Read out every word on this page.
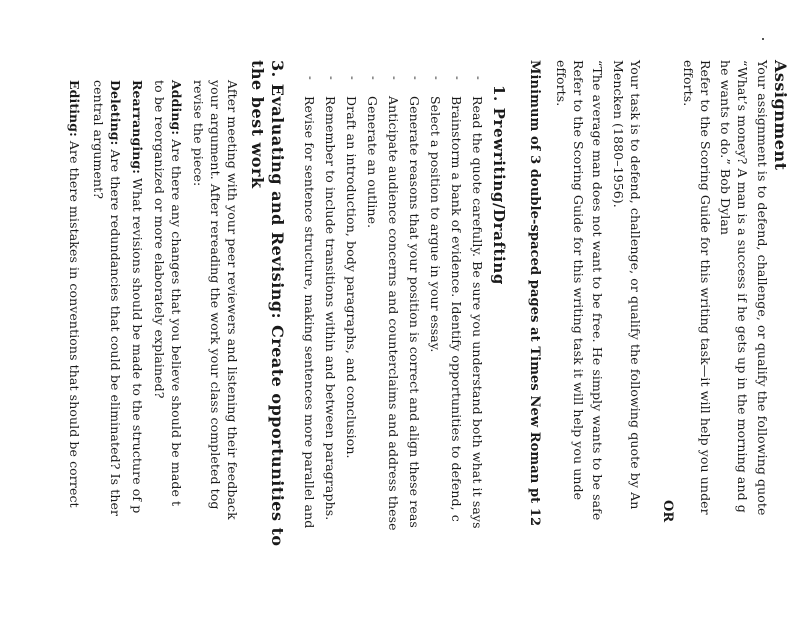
Assignment
Your assignment is to defend, challenge, or qualify the following quote
“What’s money? A man is a success if he gets up in the morning and g
he wants to do.” Bob Dylan
Refer to the Scoring Guide for this writing task—it will help you under
efforts.
OR
Your task is to defend, challenge, or qualify the following quote by An
Mencken (1880–1956).
“The average man does not want to be free. He simply wants to be safe
Refer to the Scoring Guide for this writing task it will help you unde
efforts.
Minimum of 3 double-spaced pages at Times New Roman pt 12
1. Prewriting/Drafting
-
Read the quote carefully. Be sure you understand both what it says
-
Brainstorm a bank of evidence. Identify opportunities to defend, c
-
Select a position to argue in your essay.
-
Generate reasons that your position is correct and align these reas
-
Anticipate audience concerns and counterclaims and address these
-
Generate an outline.
-
Draft an introduction, body paragraphs, and conclusion.
-
Remember to include transitions within and between paragraphs.
-
Revise for sentence structure, making sentences more parallel and
3. Evaluating and Revising: Create opportunities to
the best work
After meeting with your peer reviewers and listening their feedback
your argument. After rereading the work your class completed tog
revise the piece:
Adding: Are there any changes that you believe should be made t
to be reorganized or more elaborately explained?
Rearranging: What revisions should be made to the structure of p
Deleting: Are there redundancies that could be eliminated? Is ther
central argument?
Editing: Are there mistakes in conventions that should be correct
